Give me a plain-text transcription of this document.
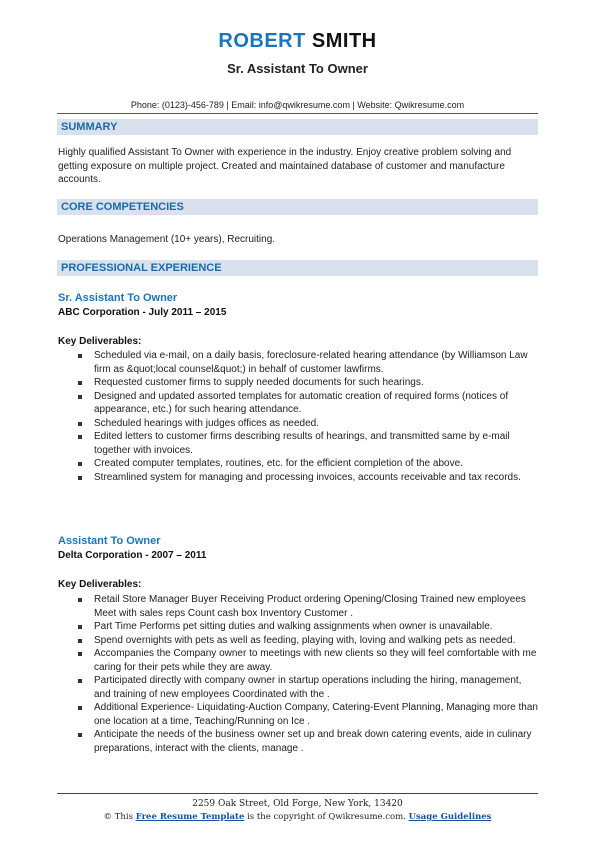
ROBERT SMITH
Sr. Assistant To Owner
Phone: (0123)-456-789 | Email: info@qwikresume.com | Website: Qwikresume.com
SUMMARY
Highly qualified Assistant To Owner with experience in the industry. Enjoy creative problem solving and getting exposure on multiple project. Created and maintained database of customer and manufacture accounts.
CORE COMPETENCIES
Operations Management (10+ years), Recruiting.
PROFESSIONAL EXPERIENCE
Sr. Assistant To Owner
ABC Corporation - July 2011 – 2015
Key Deliverables:
Scheduled via e-mail, on a daily basis, foreclosure-related hearing attendance (by Williamson Law firm as &quot;local counsel&quot;) in behalf of customer lawfirms.
Requested customer firms to supply needed documents for such hearings.
Designed and updated assorted templates for automatic creation of required forms (notices of appearance, etc.) for such hearing attendance.
Scheduled hearings with judges offices as needed.
Edited letters to customer firms describing results of hearings, and transmitted same by e-mail together with invoices.
Created computer templates, routines, etc. for the efficient completion of the above.
Streamlined system for managing and processing invoices, accounts receivable and tax records.
Assistant To Owner
Delta Corporation - 2007 – 2011
Key Deliverables:
Retail Store Manager Buyer Receiving Product ordering Opening/Closing Trained new employees Meet with sales reps Count cash box Inventory Customer .
Part Time Performs pet sitting duties and walking assignments when owner is unavailable.
Spend overnights with pets as well as feeding, playing with, loving and walking pets as needed.
Accompanies the Company owner to meetings with new clients so they will feel comfortable with me caring for their pets while they are away.
Participated directly with company owner in startup operations including the hiring, management, and training of new employees Coordinated with the .
Additional Experience- Liquidating-Auction Company, Catering-Event Planning, Managing more than one location at a time, Teaching/Running on Ice .
Anticipate the needs of the business owner set up and break down catering events, aide in culinary preparations, interact with the clients, manage .
2259 Oak Street, Old Forge, New York, 13420
© This Free Resume Template is the copyright of Qwikresume.com. Usage Guidelines
